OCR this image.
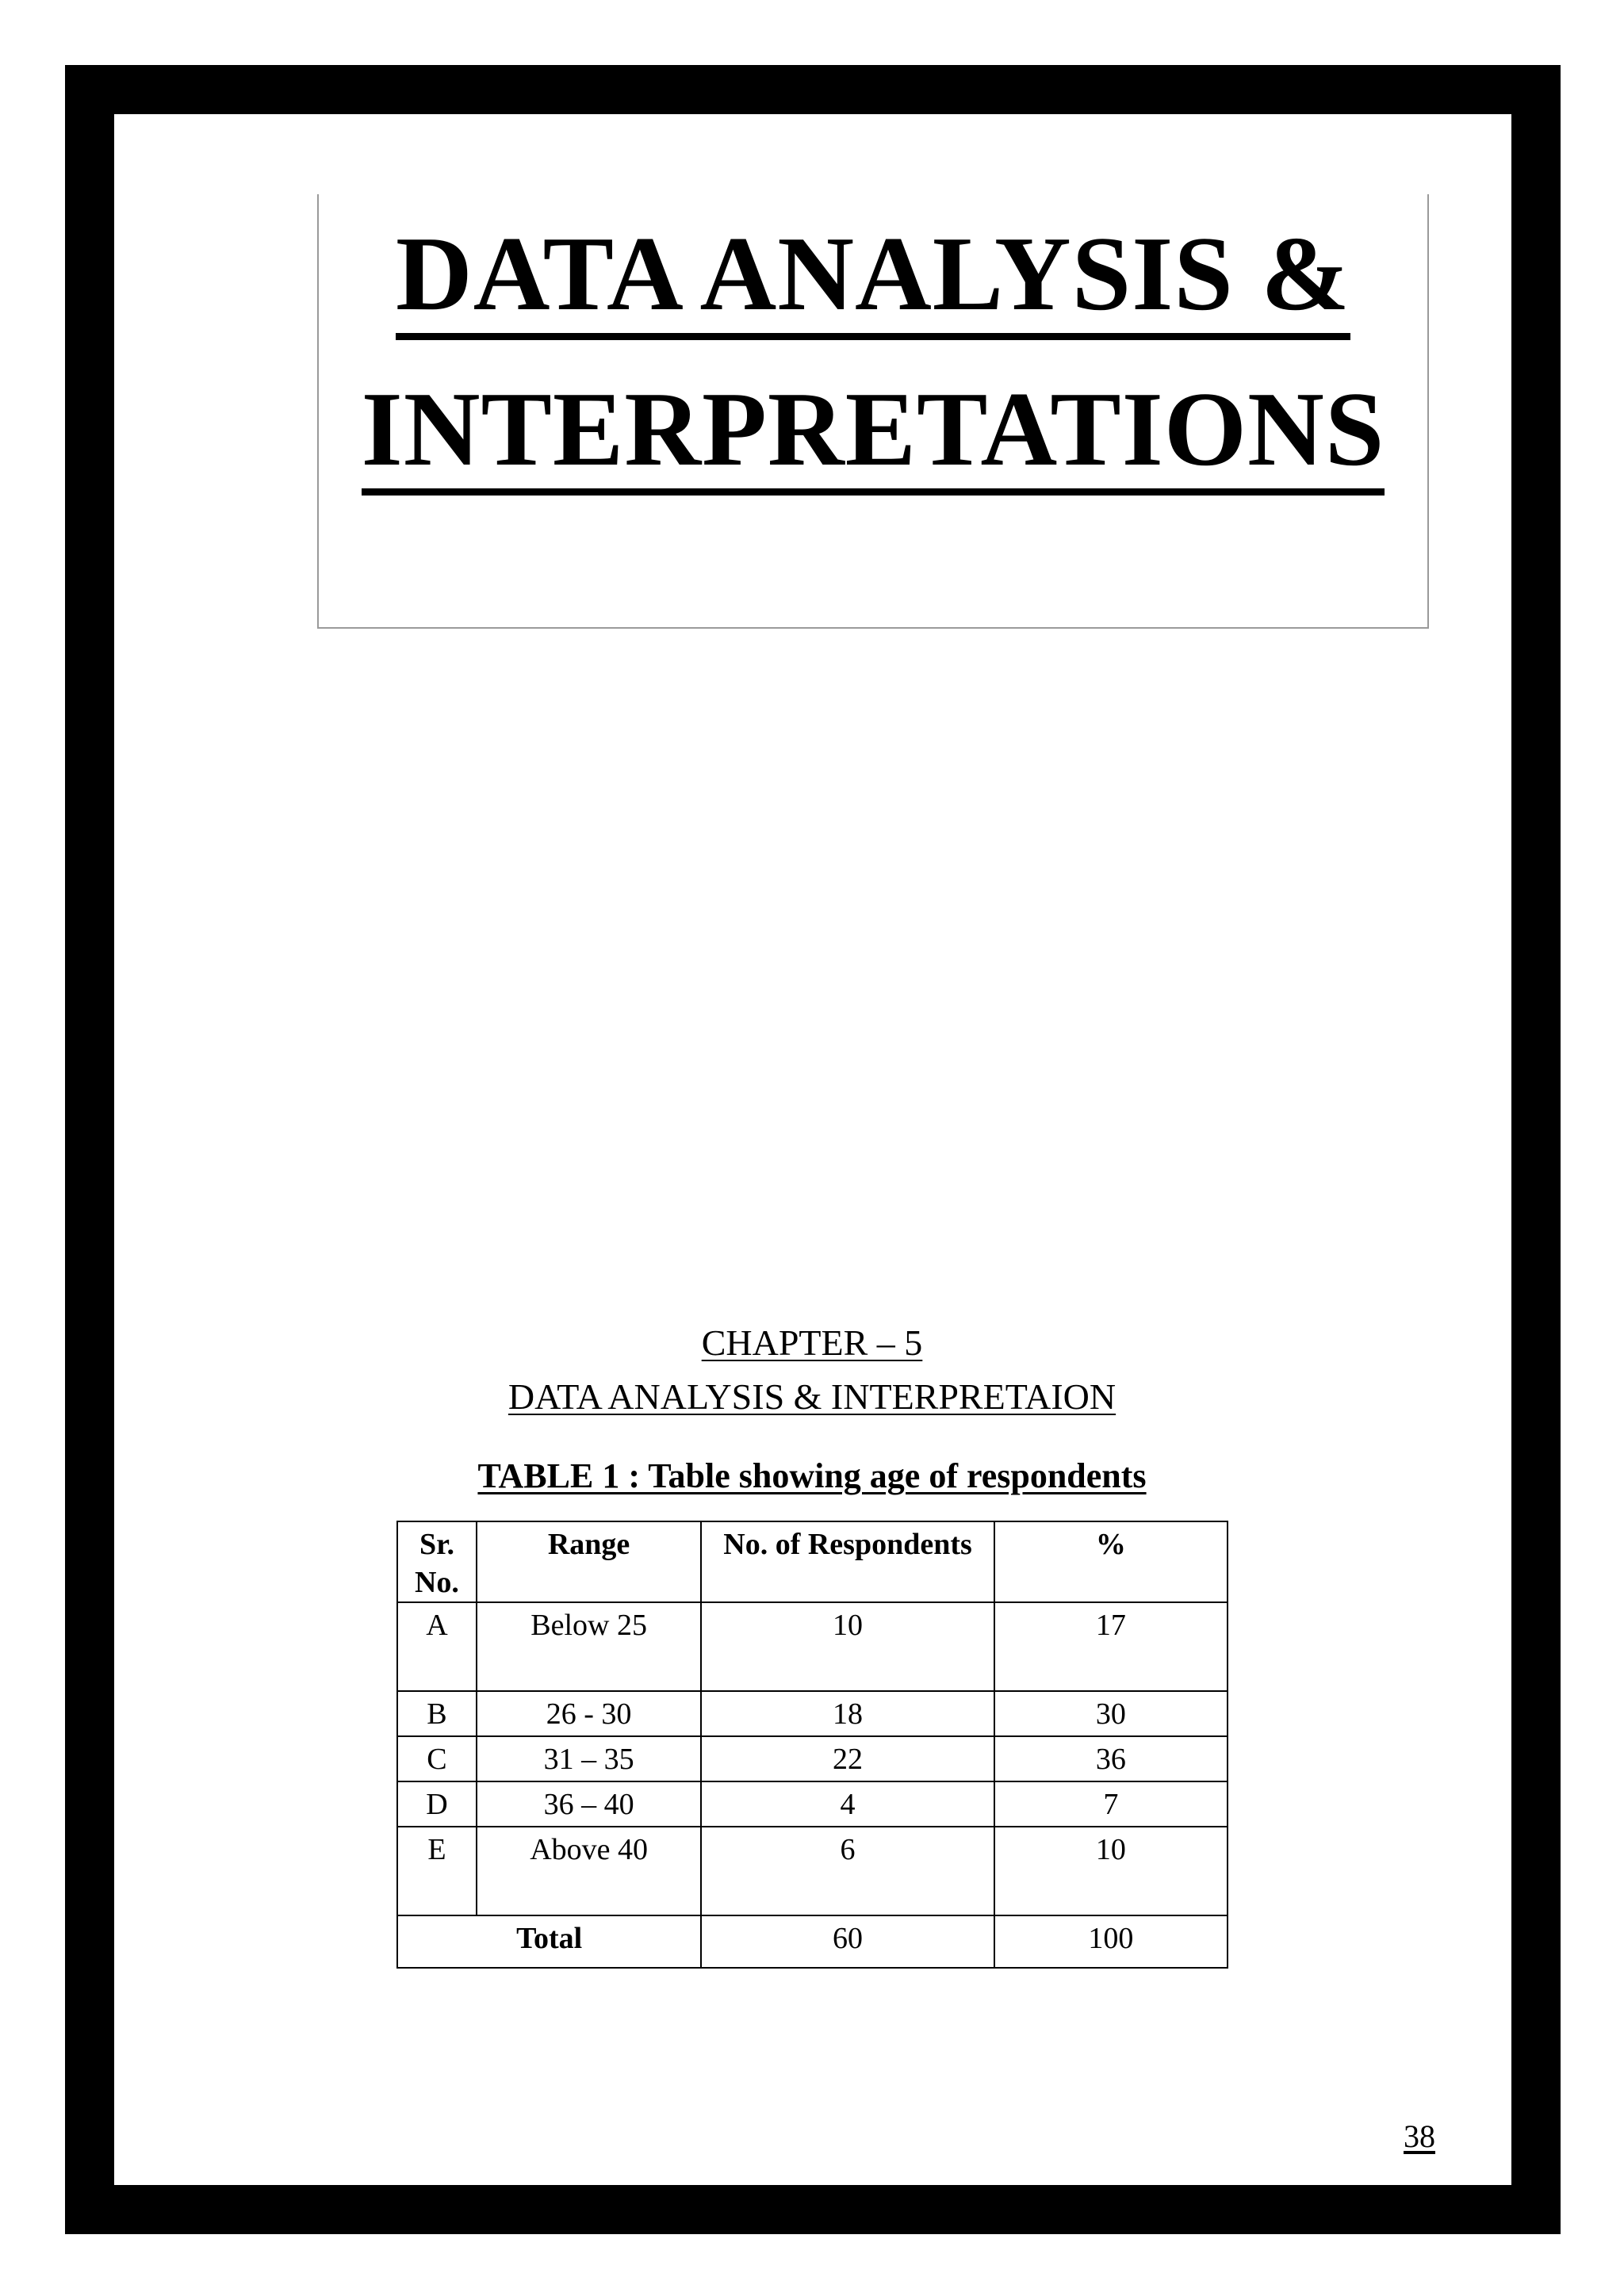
DATA ANALYSIS &
INTERPRETATIONS
CHAPTER – 5
DATA ANALYSIS & INTERPRETAION
TABLE 1 : Table showing age of respondents
Sr. No.	Range	No. of Respondents	%
A	Below 25	10	17
B	26 - 30	18	30
C	31 – 35	22	36
D	36 – 40	4	7
E	Above 40	6	10
Total		60	100
38
